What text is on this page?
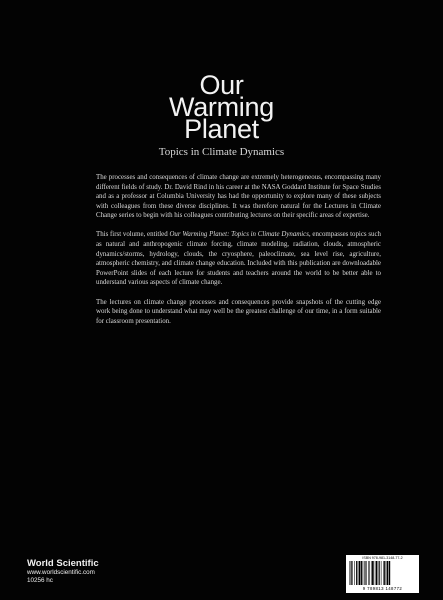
Our
Warming
Planet
Topics in Climate Dynamics

The processes and consequences of climate change are extremely heterogeneous, encompassing many different fields of study. Dr. David Rind in his career at the NASA Goddard Institute for Space Studies and as a professor at Columbia University has had the opportunity to explore many of these subjects with colleagues from these diverse disciplines. It was therefore natural for the Lectures in Climate Change series to begin with his colleagues contributing lectures on their specific areas of expertise.

This first volume, entitled Our Warming Planet: Topics in Climate Dynamics, encompasses topics such as natural and anthropogenic climate forcing, climate modeling, radiation, clouds, atmospheric dynamics/storms, hydrology, clouds, the cryosphere, paleoclimate, sea level rise, agriculture, atmospheric chemistry, and climate change education. Included with this publication are downloadable PowerPoint slides of each lecture for students and teachers around the world to be better able to understand various aspects of climate change.

The lectures on climate change processes and consequences provide snapshots of the cutting edge work being done to understand what may well be the greatest challenge of our time, in a form suitable for classroom presentation.

World Scientific
www.worldscientific.com
10256 hc
ISBN 978-981-3148-77-2
9 789813 148772
